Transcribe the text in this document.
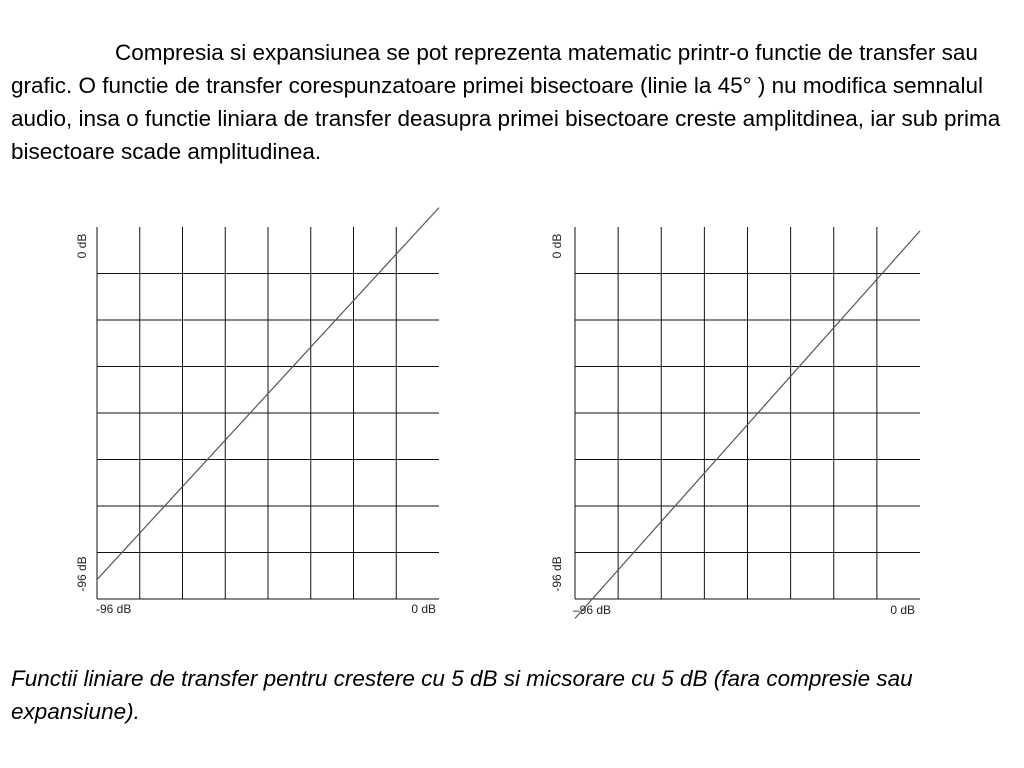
Compresia si expansiunea se pot reprezenta matematic printr-o functie de transfer sau grafic. O functie de transfer corespunzatoare primei bisectoare (linie la 45° ) nu modifica semnalul audio, insa o functie liniara de transfer deasupra primei bisectoare creste amplitdinea, iar sub prima bisectoare scade amplitudinea.

0 dB
-96 dB
-96 dB	0 dB
0 dB
-96 dB
–96 dB	0 dB

Functii liniare de transfer pentru crestere cu 5 dB si micsorare cu 5 dB (fara compresie sau expansiune).
